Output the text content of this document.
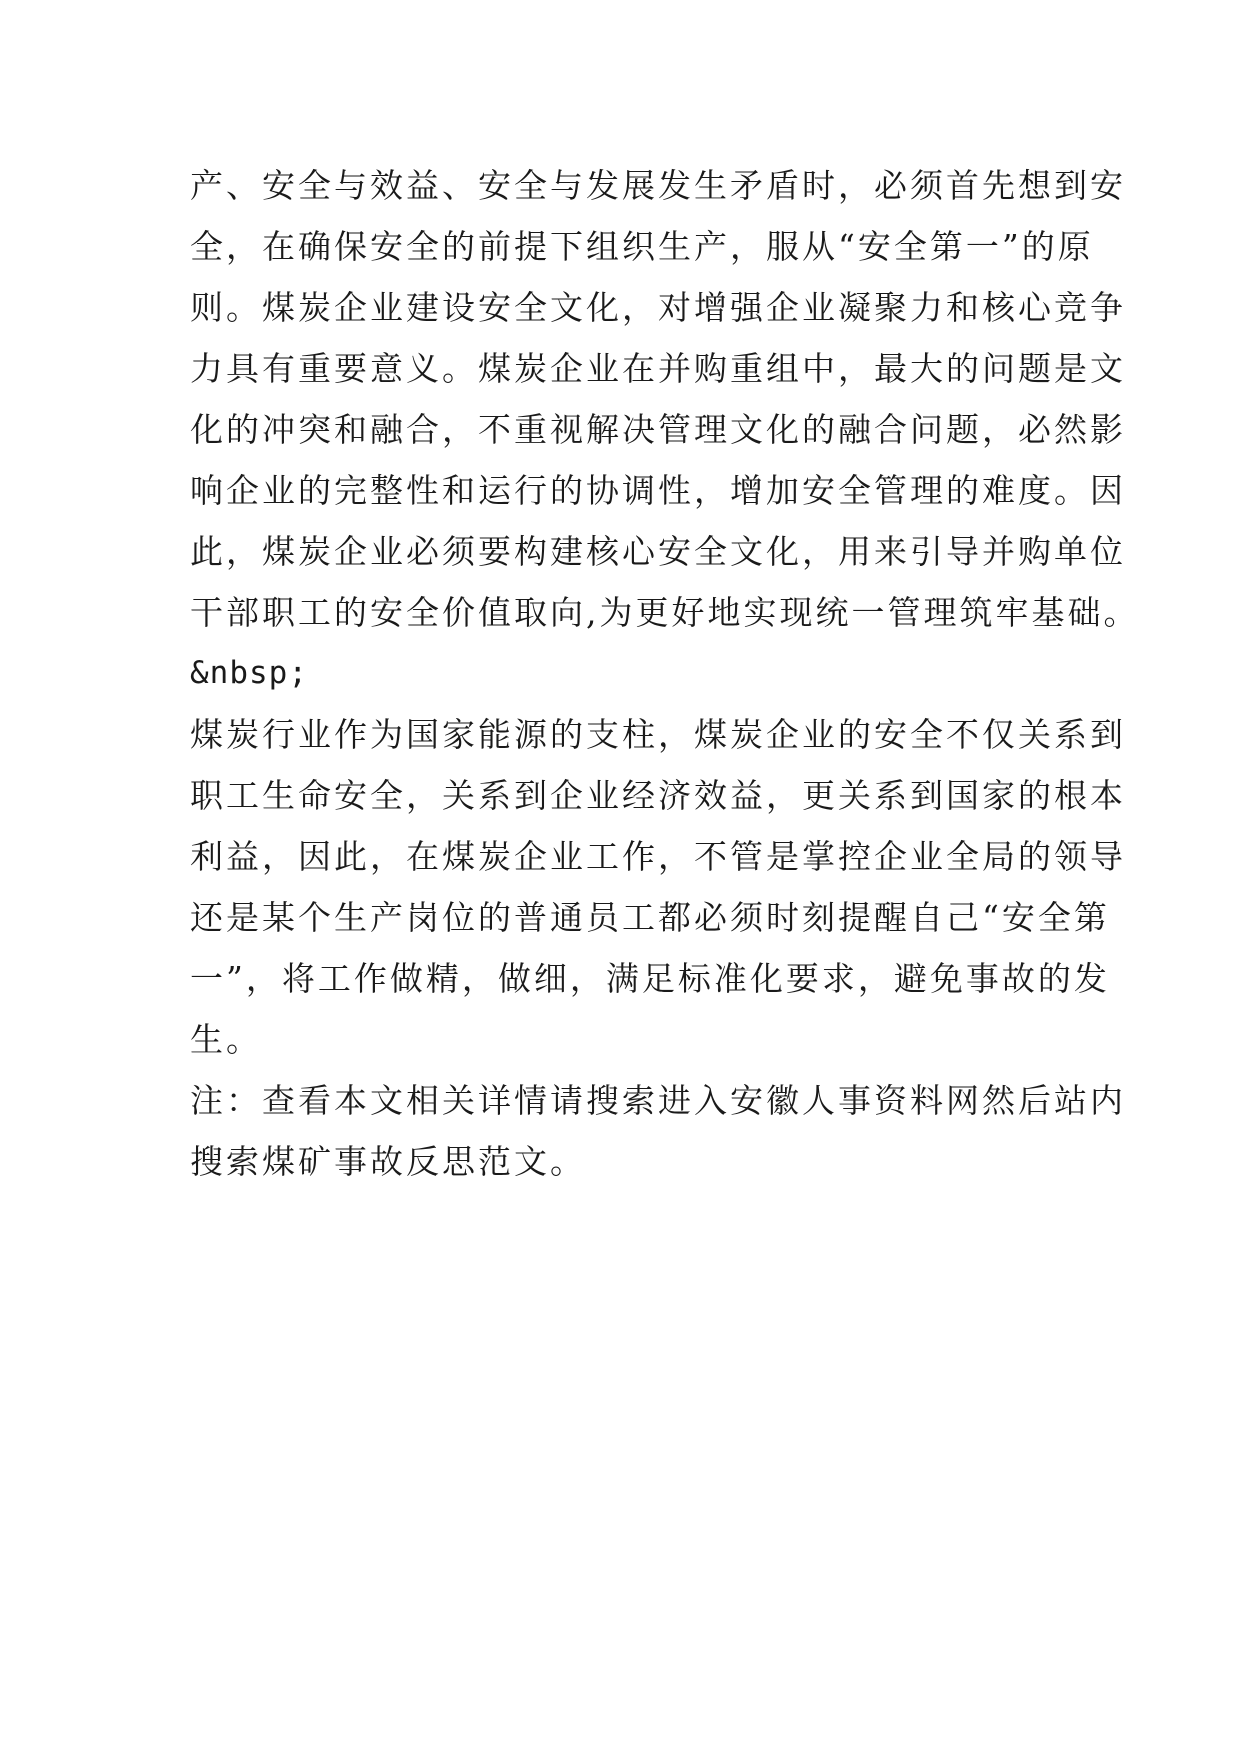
产、安全与效益、安全与发展发生矛盾时，必须首先想到安
全，在确保安全的前提下组织生产，服从“安全第一”的原
则。煤炭企业建设安全文化，对增强企业凝聚力和核心竞争
力具有重要意义。煤炭企业在并购重组中，最大的问题是文
化的冲突和融合，不重视解决管理文化的融合问题，必然影
响企业的完整性和运行的协调性，增加安全管理的难度。因
此，煤炭企业必须要构建核心安全文化，用来引导并购单位
干部职工的安全价值取向,为更好地实现统一管理筑牢基础。
&nbsp;
煤炭行业作为国家能源的支柱，煤炭企业的安全不仅关系到
职工生命安全，关系到企业经济效益，更关系到国家的根本
利益，因此，在煤炭企业工作，不管是掌控企业全局的领导
还是某个生产岗位的普通员工都必须时刻提醒自己“安全第
一”，将工作做精，做细，满足标准化要求，避免事故的发
生。
注：查看本文相关详情请搜索进入安徽人事资料网然后站内
搜索煤矿事故反思范文。
